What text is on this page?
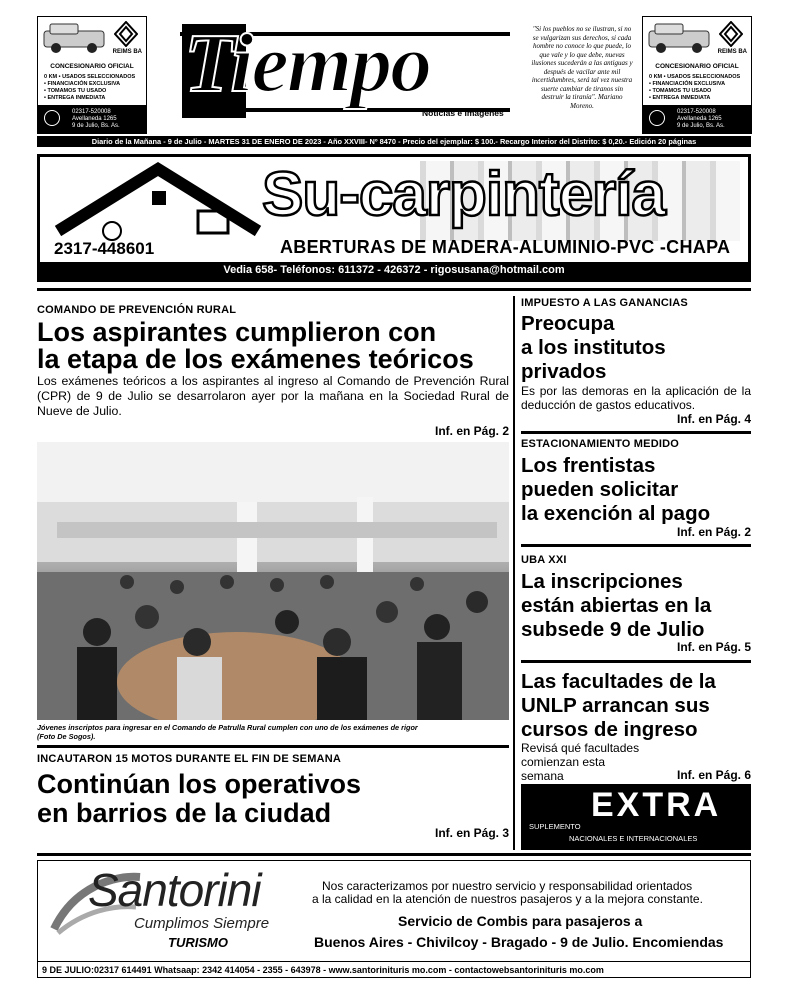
REIMS BA
CONCESIONARIO OFICIAL
0 KM • USADOS SELECCIONADOS
• FINANCIACIÓN EXCLUSIVA
• TOMAMOS TU USADO
• ENTREGA INMEDIATA
02317-520008
Avellaneda 1265
9 de Julio, Bs. As.
Tiempo
Noticias e Imágenes
"Si los pueblos no se ilustran, si no se vulgarizan sus derechos, si cada hombre no conoce lo que puede, lo que vale y lo que debe, nuevas ilusiones sucederán a las antiguas y después de vacilar ante mil incertidumbres, será tal vez nuestra suerte cambiar de tiranos sin destruir la tiranía". Mariano Moreno.
REIMS BA
CONCESIONARIO OFICIAL
0 KM • USADOS SELECCIONADOS
• FINANCIACIÓN EXCLUSIVA
• TOMAMOS TU USADO
• ENTREGA INMEDIATA
02317-520008
Avellaneda 1265
9 de Julio, Bs. As.
Diario de la Mañana - 9 de Julio - MARTES 31 DE ENERO DE 2023 - Año XXVIII- Nº 8470 - Precio del ejemplar: $ 100.- Recargo Interior del Distrito: $ 0,20.- Edición 20 páginas
Su-carpintería
2317-448601	ABERTURAS DE MADERA-ALUMINIO-PVC -CHAPA
Vedia 658- Teléfonos: 611372 - 426372 - rigosusana@hotmail.com
COMANDO DE PREVENCIÓN RURAL
Los aspirantes cumplieron con
la etapa de los exámenes teóricos
Los exámenes teóricos a los aspirantes al ingreso al Comando de Prevención Rural (CPR) de 9 de Julio se desarrolaron ayer por la mañana en la Sociedad Rural de Nueve de Julio.
Inf. en Pág. 2
Jóvenes inscriptos para ingresar en el Comando de Patrulla Rural cumplen con uno de los exámenes de rigor
(Foto De Sogos).
INCAUTARON 15 MOTOS DURANTE EL FIN DE SEMANA
Continúan los operativos
en barrios de la ciudad
Inf. en Pág. 3
IMPUESTO A LAS GANANCIAS
Preocupa
a los institutos
privados
Es por las demoras en la aplicación de la deducción de gastos educativos.
Inf. en Pág. 4
ESTACIONAMIENTO MEDIDO
Los frentistas
pueden solicitar
la exención al pago
Inf. en Pág. 2
UBA XXI
La inscripciones
están abiertas en la
subsede 9 de Julio
Inf. en Pág. 5
Las facultades de la
UNLP arrancan sus
cursos de ingreso
Revisá qué facultades comienzan esta semana	Inf. en Pág. 6
EXTRA
SUPLEMENTO
NACIONALES E INTERNACIONALES
Santorini
Cumplimos Siempre
TURISMO
Nos caracterizamos por nuestro servicio y responsabilidad orientados
a la calidad en la atención de nuestros pasajeros y a la mejora constante.
Servicio de Combis para pasajeros a
Buenos Aires - Chivilcoy - Bragado - 9 de Julio. Encomiendas
9 DE JULIO:02317 614491 Whatsaap: 2342 414054 - 2355 - 643978 - www.santorinituris mo.com - contactowebsantorinituris mo.com
